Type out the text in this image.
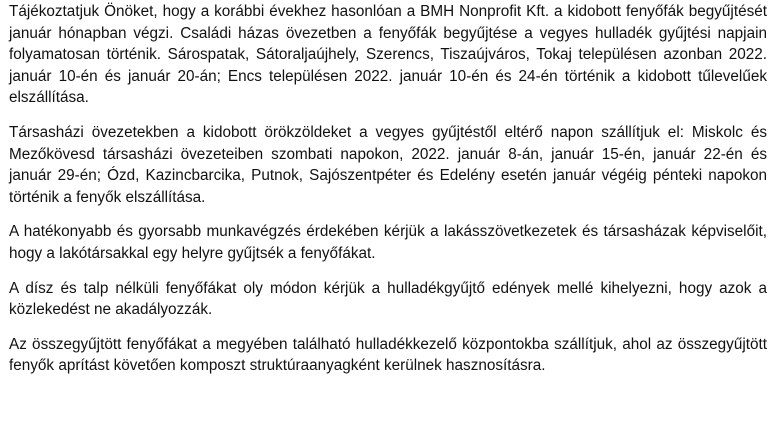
Tájékoztatjuk Önöket, hogy a korábbi évekhez hasonlóan a BMH Nonprofit Kft. a kidobott fenyőfák begyűjtését január hónapban végzi. Családi házas övezetben a fenyőfák begyűjtése a vegyes hulladék gyűjtési napjain folyamatosan történik. Sárospatak, Sátoraljaújhely, Szerencs, Tiszaújváros, Tokaj településen azonban 2022. január 10-én és január 20-án; Encs településen 2022. január 10-én és 24-én történik a kidobott tűlevelűek elszállítása.

Társasházi övezetekben a kidobott örökzöldeket a vegyes gyűjtéstől eltérő napon szállítjuk el: Miskolc és Mezőkövesd társasházi övezeteiben szombati napokon, 2022. január 8-án, január 15-én, január 22-én és január 29-én; Ózd, Kazincbarcika, Putnok, Sajószentpéter és Edelény esetén január végéig pénteki napokon történik a fenyők elszállítása.

A hatékonyabb és gyorsabb munkavégzés érdekében kérjük a lakásszövetkezetek és társasházak képviselőit, hogy a lakótársakkal egy helyre gyűjtsék a fenyőfákat.

A dísz és talp nélküli fenyőfákat oly módon kérjük a hulladékgyűjtő edények mellé kihelyezni, hogy azok a közlekedést ne akadályozzák.

Az összegyűjtött fenyőfákat a megyében található hulladékkezelő központokba szállítjuk, ahol az összegyűjtött fenyők aprítást követően komposzt struktúraanyagként kerülnek hasznosításra.
